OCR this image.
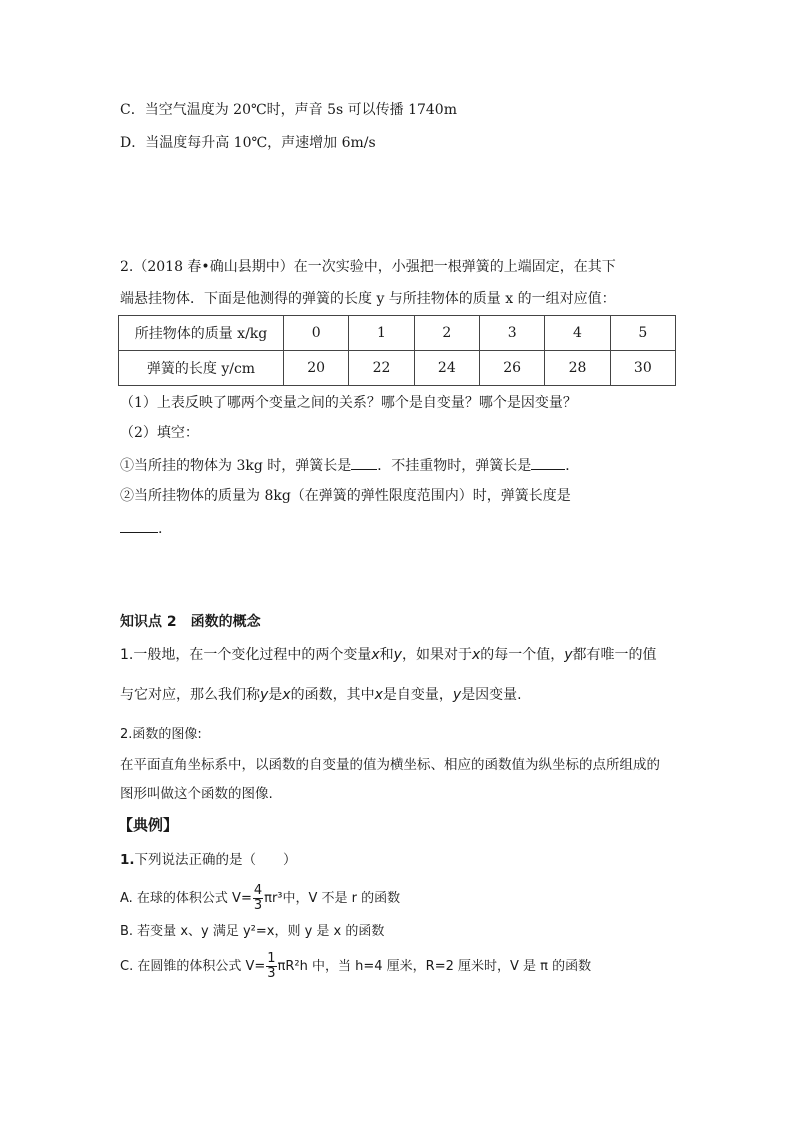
C．当空气温度为 20℃时，声音 5s 可以传播 1740m
D．当温度每升高 10℃，声速增加 6m/s
2.（2018 春•确山县期中）在一次实验中，小强把一根弹簧的上端固定，在其下
端悬挂物体．下面是他测得的弹簧的长度 y 与所挂物体的质量 x 的一组对应值：
所挂物体的质量 x/kg	0	1	2	3	4	5
弹簧的长度 y/cm	20	22	24	26	28	30
（1）上表反映了哪两个变量之间的关系？哪个是自变量？哪个是因变量？
（2）填空：
①当所挂的物体为 3kg 时，弹簧长是 ．不挂重物时，弹簧长是 ．
②当所挂物体的质量为 8kg（在弹簧的弹性限度范围内）时，弹簧长度是
.
知识点 2　函数的概念
1.一般地，在一个变化过程中的两个变量x和y，如果对于x的每一个值，y都有唯一的值
与它对应，那么我们称y是x的函数，其中x是自变量，y是因变量.
2.函数的图像:
在平面直角坐标系中，以函数的自变量的值为横坐标、相应的函数值为纵坐标的点所组成的
图形叫做这个函数的图像.
【典例】
1.下列说法正确的是（　　）
A. 在球的体积公式 $V= \frac{4}{3} \pi r^3$中，V 不是 r 的函数
B. 若变量 x、y 满足 y²=x，则 y 是 x 的函数
C. 在圆锥的体积公式 $V= \frac{1}{3} \pi R^2h$ 中，当 h=4 厘米，R=2 厘米时，V 是 π 的函数
